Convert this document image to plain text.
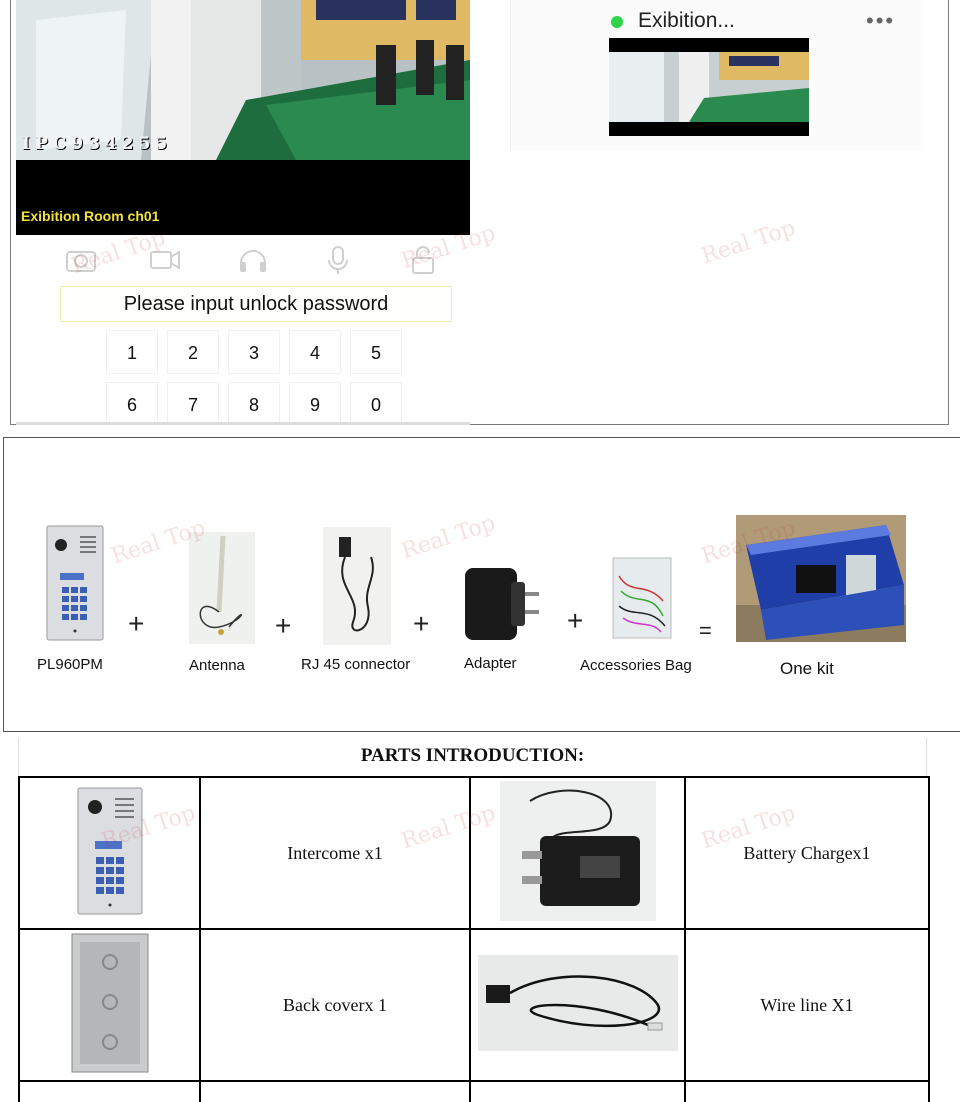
IPC934255
Exibition Room ch01
Please input unlock password
1	2	3	4	5
6	7	8	9	0
Exibition...	•••
PL960PM
+
Antenna
+
RJ 45 connector
+
Adapter
+
Accessories Bag
=
One kit
PARTS INTRODUCTION:
	Intercome x1		Battery Chargex1
	Back coverx 1		Wire line X1

Real Top	Real Top	Real Top
